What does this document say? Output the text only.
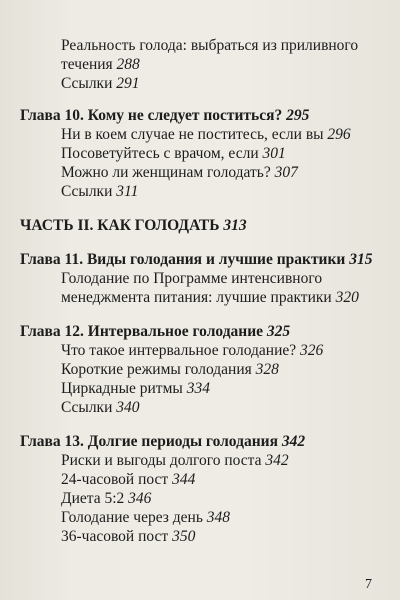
Реальность голода: выбраться из приливного

течения 288

Ссылки 291

Глава 10. Кому не следует поститься? 295

Ни в коем случае не поститесь, если вы 296

Посоветуйтесь с врачом, если 301

Можно ли женщинам голодать? 307

Ссылки 311

ЧАСТЬ II. КАК ГОЛОДАТЬ 313

Глава 11. Виды голодания и лучшие практики 315

Голодание по Программе интенсивного

менеджмента питания: лучшие практики 320

Глава 12. Интервальное голодание 325

Что такое интервальное голодание? 326

Короткие режимы голодания 328

Циркадные ритмы 334

Ссылки 340

Глава 13. Долгие периоды голодания 342

Риски и выгоды долгого поста 342

24-часовой пост 344

Диета 5:2 346

Голодание через день 348

36-часовой пост 350

7
